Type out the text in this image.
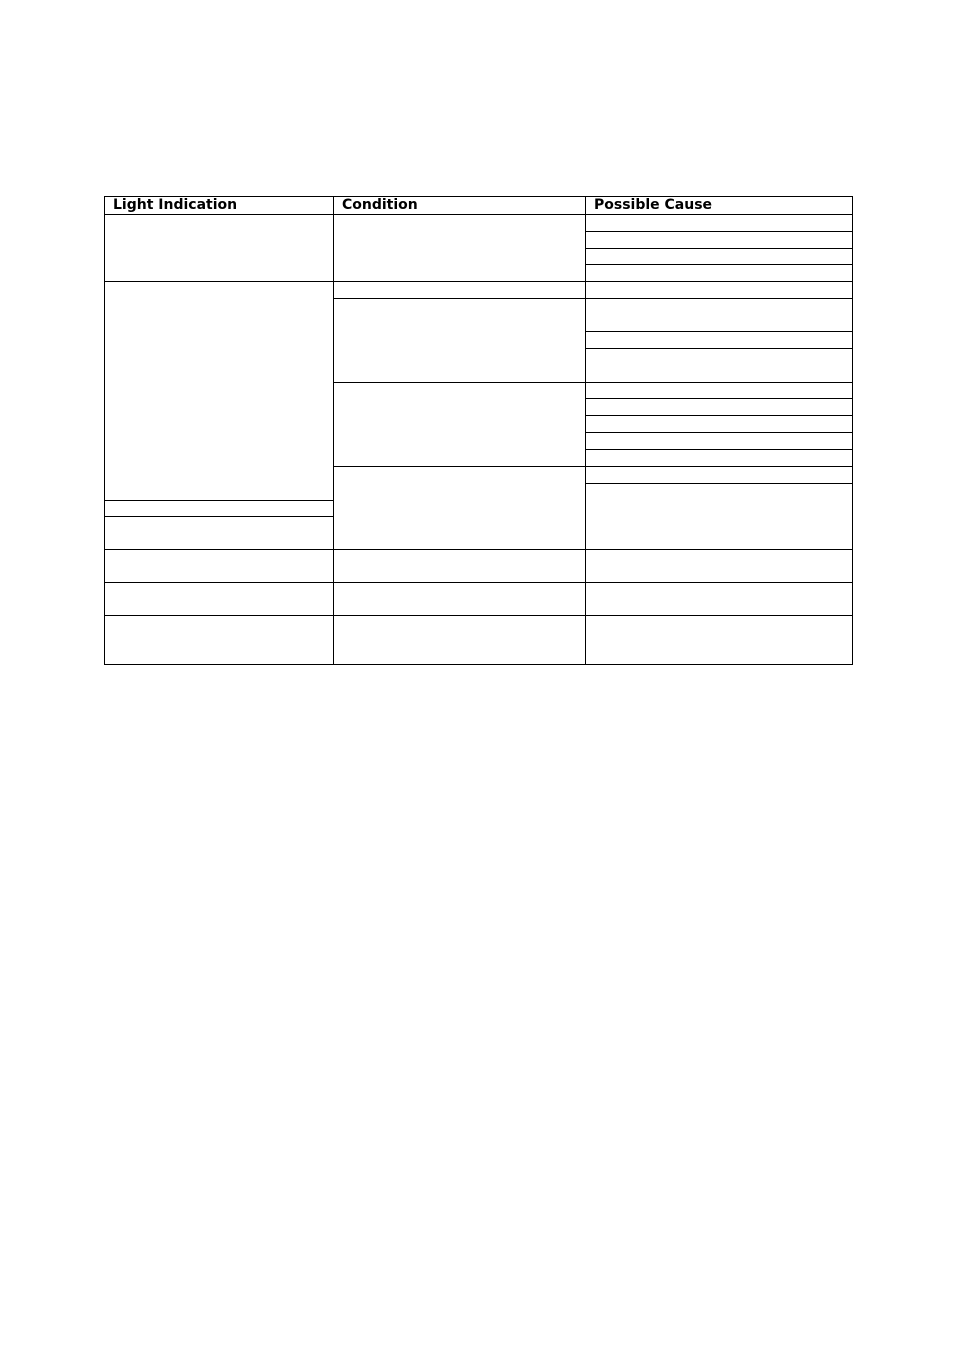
Light Indication	Condition	Possible Cause	
